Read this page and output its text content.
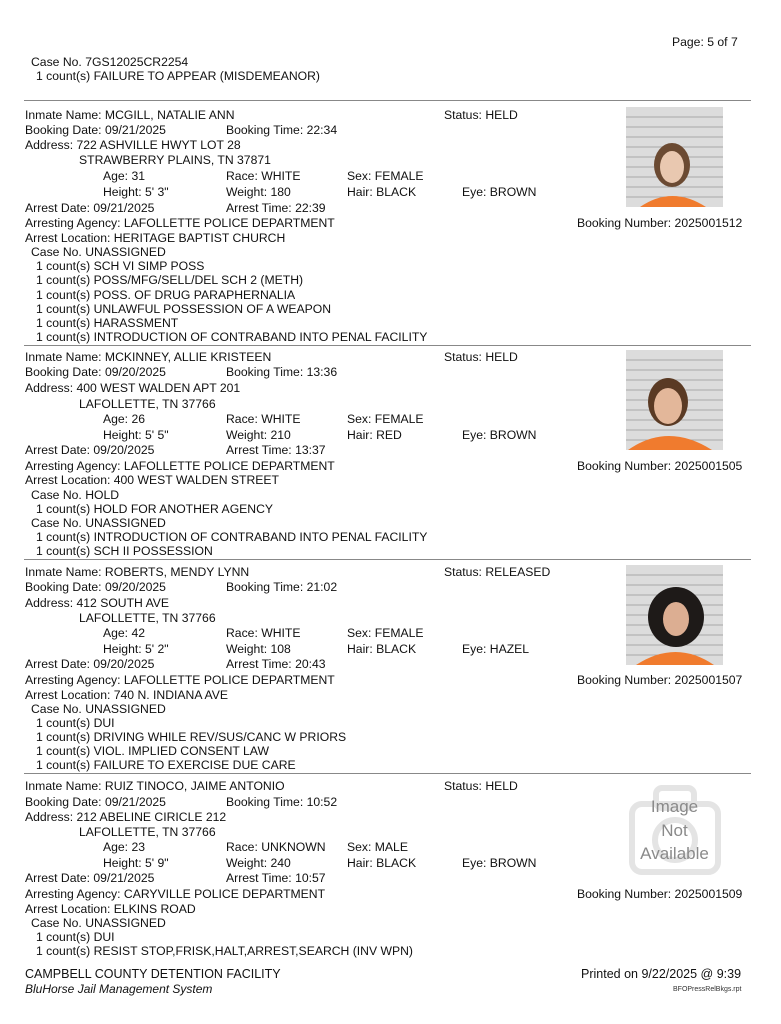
Page: 5 of 7
Case No. 7GS12025CR2254
1 count(s) FAILURE TO APPEAR (MISDEMEANOR)
Inmate Name: MCGILL, NATALIE ANN	Status: HELD
Booking Date: 09/21/2025	Booking Time: 22:34
Address: 722 ASHVILLE HWYT LOT 28
STRAWBERRY PLAINS, TN 37871
Age: 31	Race: WHITE	Sex: FEMALE
Height: 5' 3"	Weight: 180	Hair: BLACK	Eye: BROWN
Arrest Date: 09/21/2025	Arrest Time: 22:39
Arresting Agency: LAFOLLETTE POLICE DEPARTMENT	Booking Number: 2025001512
Arrest Location: HERITAGE BAPTIST CHURCH
Case No. UNASSIGNED
1 count(s) SCH VI SIMP POSS
1 count(s) POSS/MFG/SELL/DEL SCH 2 (METH)
1 count(s) POSS. OF DRUG PARAPHERNALIA
1 count(s) UNLAWFUL POSSESSION OF A WEAPON
1 count(s) HARASSMENT
1 count(s) INTRODUCTION OF CONTRABAND INTO PENAL FACILITY
Inmate Name: MCKINNEY, ALLIE KRISTEEN	Status: HELD
Booking Date: 09/20/2025	Booking Time: 13:36
Address: 400 WEST WALDEN APT 201
LAFOLLETTE, TN 37766
Age: 26	Race: WHITE	Sex: FEMALE
Height: 5' 5"	Weight: 210	Hair: RED	Eye: BROWN
Arrest Date: 09/20/2025	Arrest Time: 13:37
Arresting Agency: LAFOLLETTE POLICE DEPARTMENT	Booking Number: 2025001505
Arrest Location: 400 WEST WALDEN STREET
Case No. HOLD
1 count(s) HOLD FOR ANOTHER AGENCY
Case No. UNASSIGNED
1 count(s) INTRODUCTION OF CONTRABAND INTO PENAL FACILITY
1 count(s) SCH II POSSESSION
Inmate Name: ROBERTS, MENDY LYNN	Status: RELEASED
Booking Date: 09/20/2025	Booking Time: 21:02
Address: 412 SOUTH AVE
LAFOLLETTE, TN 37766
Age: 42	Race: WHITE	Sex: FEMALE
Height: 5' 2"	Weight: 108	Hair: BLACK	Eye: HAZEL
Arrest Date: 09/20/2025	Arrest Time: 20:43
Arresting Agency: LAFOLLETTE POLICE DEPARTMENT	Booking Number: 2025001507
Arrest Location: 740 N. INDIANA AVE
Case No. UNASSIGNED
1 count(s) DUI
1 count(s) DRIVING WHILE REV/SUS/CANC W PRIORS
1 count(s) VIOL. IMPLIED CONSENT LAW
1 count(s) FAILURE TO EXERCISE DUE CARE
Inmate Name: RUIZ TINOCO, JAIME ANTONIO	Status: HELD
Booking Date: 09/21/2025	Booking Time: 10:52
Address: 212 ABELINE CIRICLE 212
LAFOLLETTE, TN 37766
Age: 23	Race: UNKNOWN Sex: MALE
Height: 5' 9"	Weight: 240	Hair: BLACK	Eye: BROWN
Arrest Date: 09/21/2025	Arrest Time: 10:57
Arresting Agency: CARYVILLE POLICE DEPARTMENT	Booking Number: 2025001509
Arrest Location: ELKINS ROAD
Case No. UNASSIGNED
1 count(s) DUI
1 count(s) RESIST STOP,FRISK,HALT,ARREST,SEARCH (INV WPN)
Image
Not
Available
CAMPBELL COUNTY DETENTION FACILITY
BluHorse Jail Management System
Printed on 9/22/2025 @ 9:39
BFOPressRelBkgs.rpt
